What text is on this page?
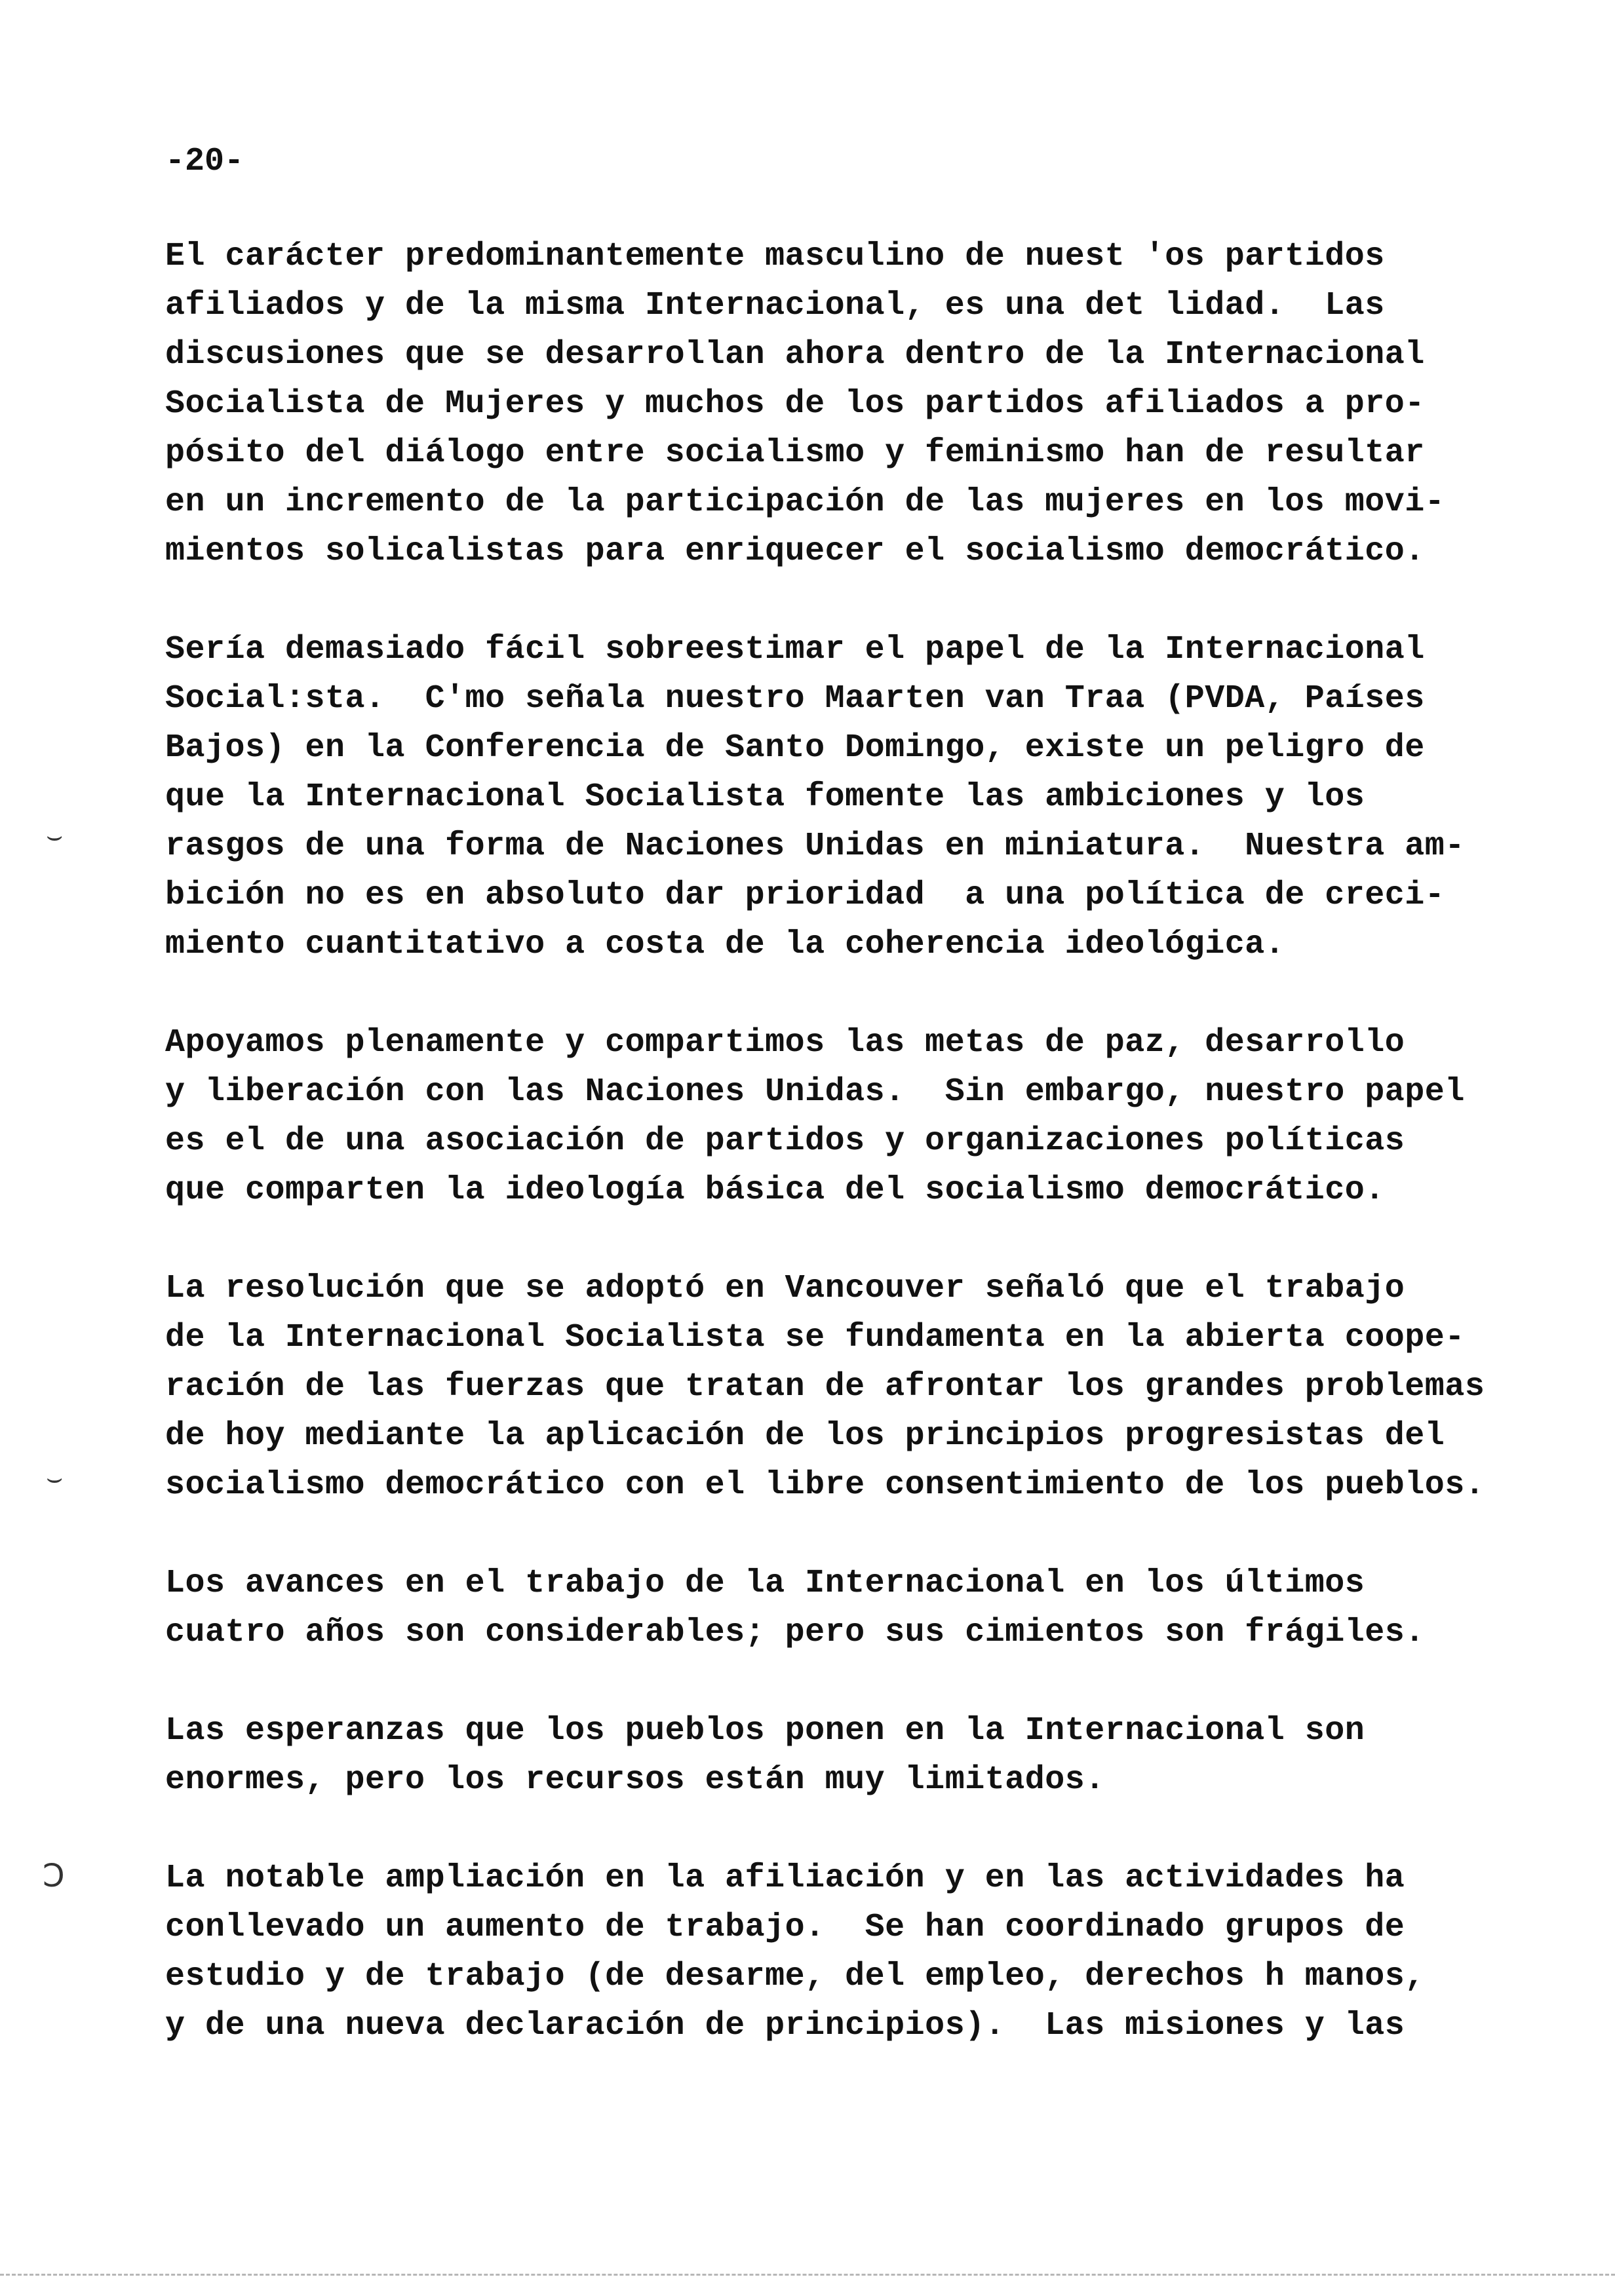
-20-
El carácter predominantemente masculino de nuest 'os partidos
afiliados y de la misma Internacional, es una det lidad.  Las
discusiones que se desarrollan ahora dentro de la Internacional
Socialista de Mujeres y muchos de los partidos afiliados a pro-
pósito del diálogo entre socialismo y feminismo han de resultar
en un incremento de la participación de las mujeres en los movi-
mientos solicalistas para enriquecer el socialismo democrático.
Sería demasiado fácil sobreestimar el papel de la Internacional
Social:sta.  C'mo señala nuestro Maarten van Traa (PVDA, Países
Bajos) en la Conferencia de Santo Domingo, existe un peligro de
que la Internacional Socialista fomente las ambiciones y los
rasgos de una forma de Naciones Unidas en miniatura.  Nuestra am-
bición no es en absoluto dar prioridad  a una política de creci-
miento cuantitativo a costa de la coherencia ideológica.
Apoyamos plenamente y compartimos las metas de paz, desarrollo
y liberación con las Naciones Unidas.  Sin embargo, nuestro papel
es el de una asociación de partidos y organizaciones políticas
que comparten la ideología básica del socialismo democrático.
La resolución que se adoptó en Vancouver señaló que el trabajo
de la Internacional Socialista se fundamenta en la abierta coope-
ración de las fuerzas que tratan de afrontar los grandes problemas
de hoy mediante la aplicación de los principios progresistas del
socialismo democrático con el libre consentimiento de los pueblos.
Los avances en el trabajo de la Internacional en los últimos
cuatro años son considerables; pero sus cimientos son frágiles.
Las esperanzas que los pueblos ponen en la Internacional son
enormes, pero los recursos están muy limitados.
La notable ampliación en la afiliación y en las actividades ha
conllevado un aumento de trabajo.  Se han coordinado grupos de
estudio y de trabajo (de desarme, del empleo, derechos h manos,
y de una nueva declaración de principios).  Las misiones y las
⌣
⌣
Ↄ
